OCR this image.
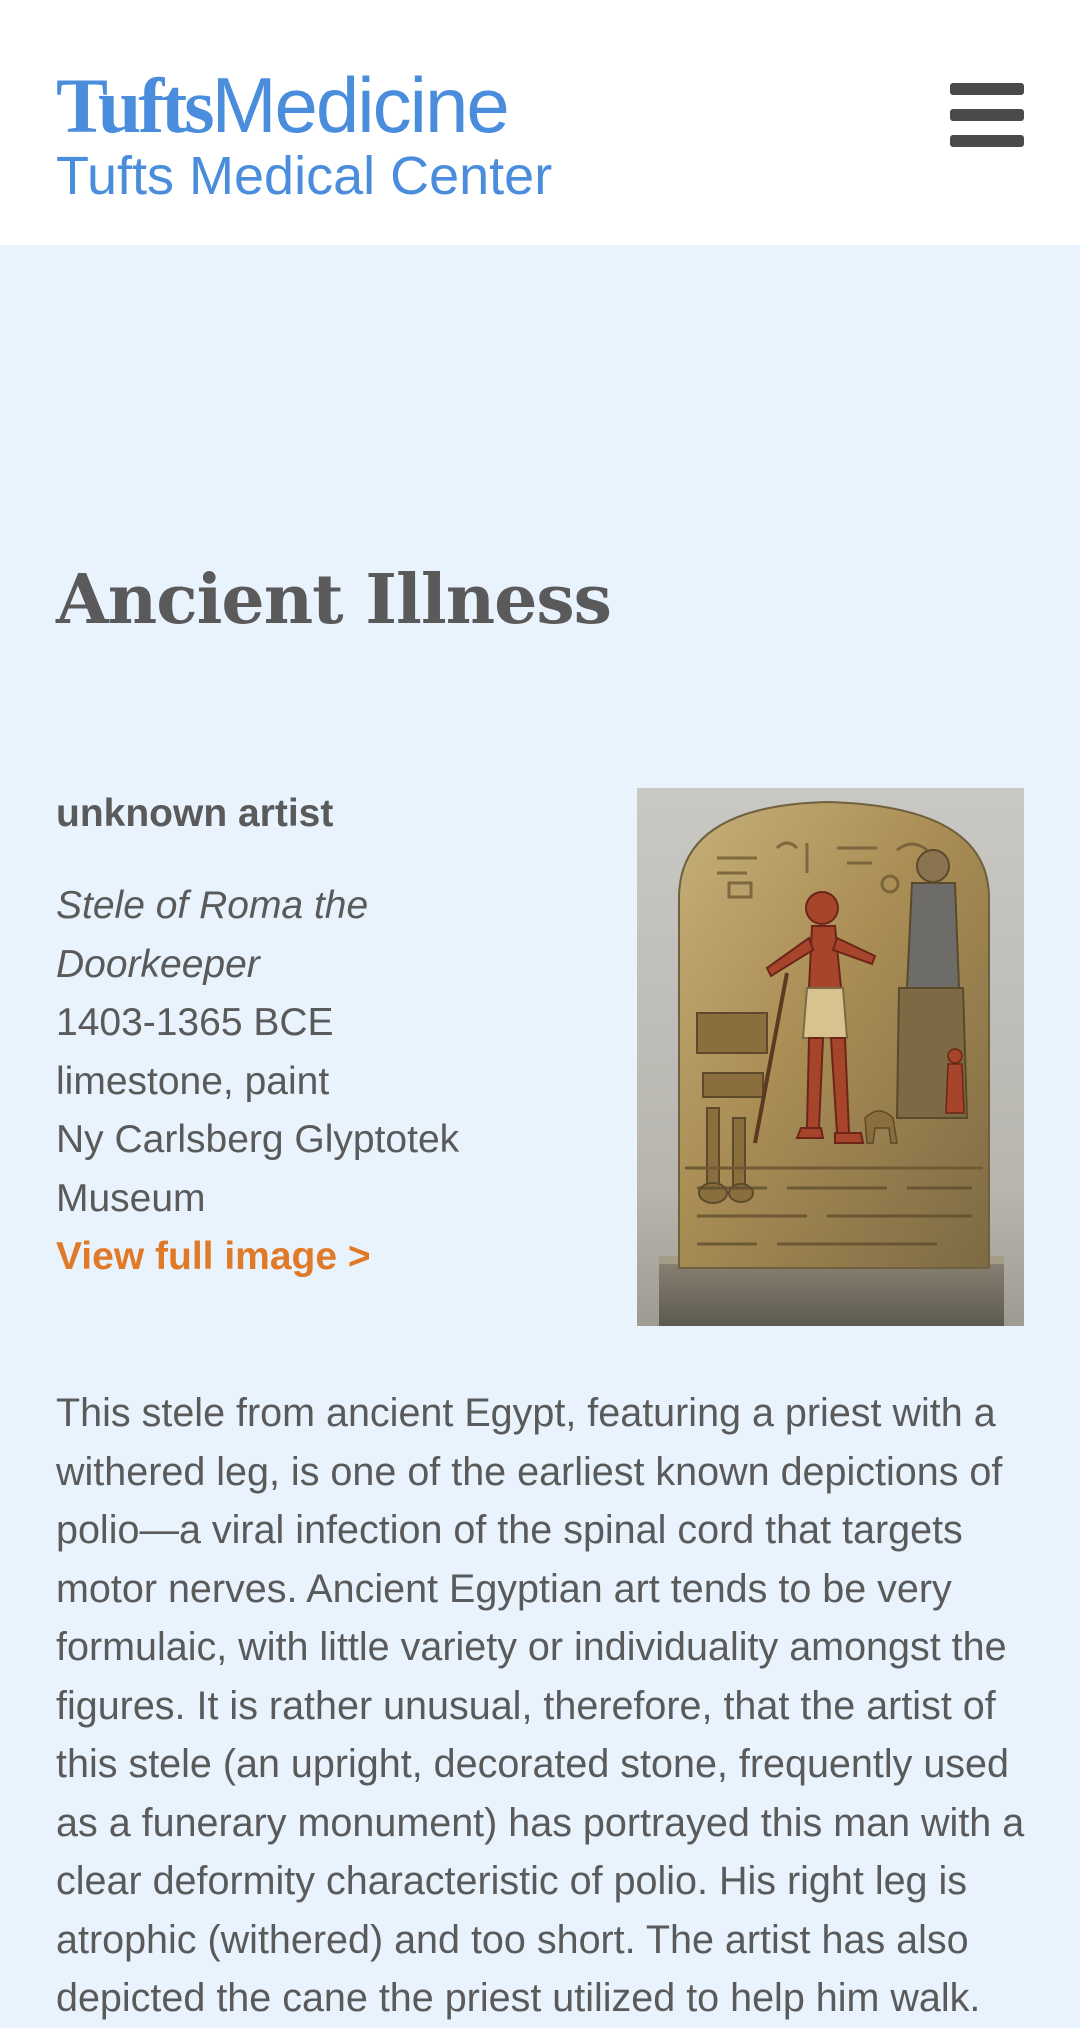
TuftsMedicine
Tufts Medical Center
Ancient Illness
unknown artist
Stele of Roma the Doorkeeper
1403-1365 BCE
limestone, paint
Ny Carlsberg Glyptotek Museum
View full image >

This stele from ancient Egypt, featuring a priest with a withered leg, is one of the earliest known depictions of polio—a viral infection of the spinal cord that targets motor nerves. Ancient Egyptian art tends to be very formulaic, with little variety or individuality amongst the figures. It is rather unusual, therefore, that the artist of this stele (an upright, decorated stone, frequently used as a funerary monument) has portrayed this man with a clear deformity characteristic of polio. His right leg is atrophic (withered) and too short. The artist has also depicted the cane the priest utilized to help him walk.
